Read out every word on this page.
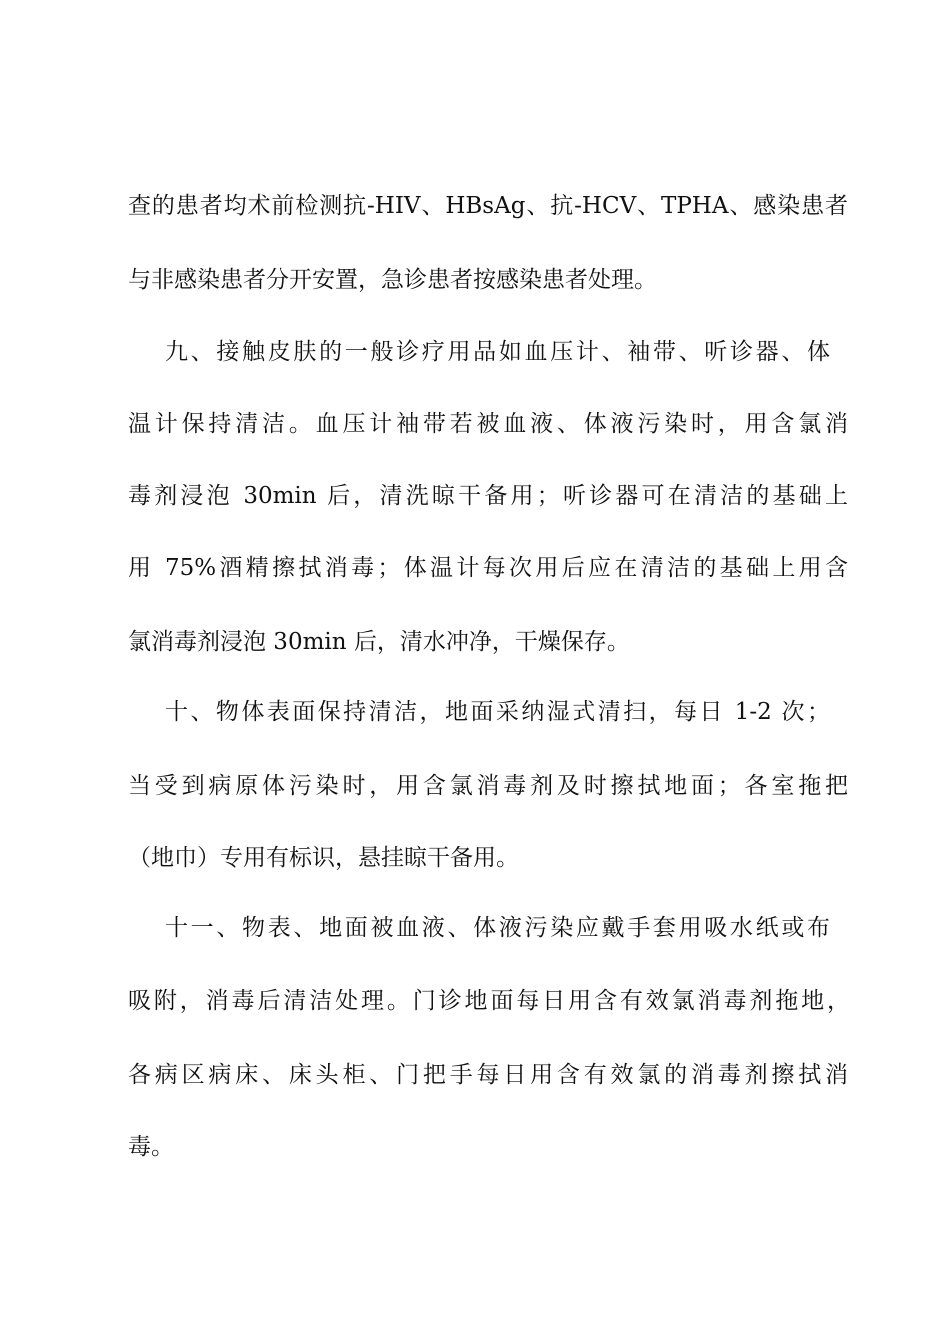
查的患者均术前检测抗-HIV、HBsAg、抗-HCV、TPHA、感染患者
与非感染患者分开安置，急诊患者按感染患者处理。
九、接触皮肤的一般诊疗用品如血压计、袖带、听诊器、体
温计保持清洁。血压计袖带若被血液、体液污染时，用含氯消
毒剂浸泡 30min 后，清洗晾干备用；听诊器可在清洁的基础上
用 75%酒精擦拭消毒；体温计每次用后应在清洁的基础上用含
氯消毒剂浸泡 30min 后，清水冲净，干燥保存。
十、物体表面保持清洁，地面采纳湿式清扫，每日 1-2 次；
当受到病原体污染时，用含氯消毒剂及时擦拭地面；各室拖把
（地巾）专用有标识，悬挂晾干备用。
十一、物表、地面被血液、体液污染应戴手套用吸水纸或布
吸附，消毒后清洁处理。门诊地面每日用含有效氯消毒剂拖地，
各病区病床、床头柜、门把手每日用含有效氯的消毒剂擦拭消
毒。
